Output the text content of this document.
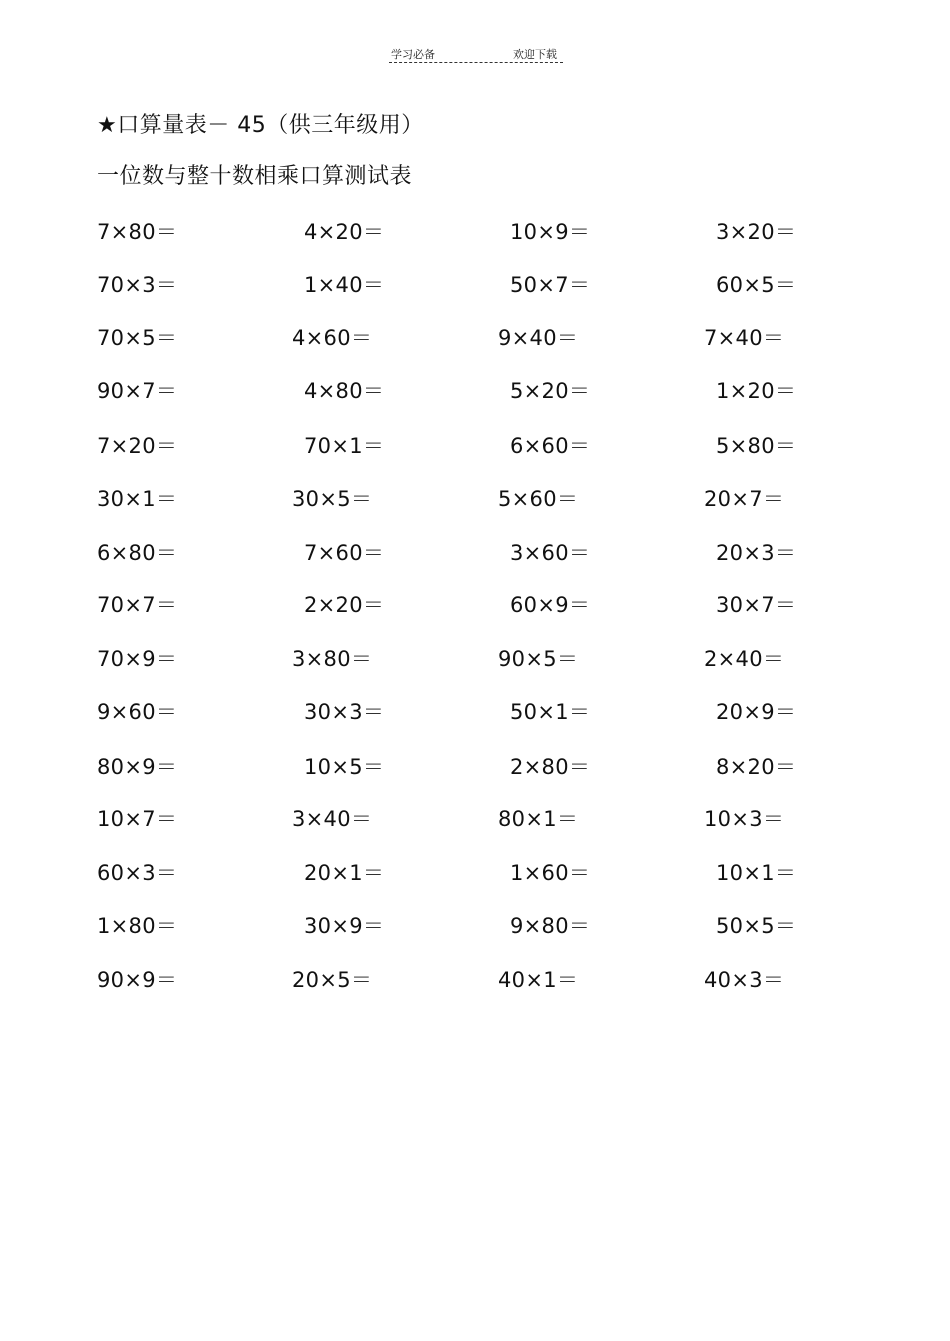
学习必备	欢迎下载
★口算量表－ 45（供三年级用）
一位数与整十数相乘口算测试表
7×80＝	4×20＝	10×9＝	3×20＝
70×3＝	1×40＝	50×7＝	60×5＝
70×5＝	4×60＝	9×40＝	7×40＝
90×7＝	4×80＝	5×20＝	1×20＝
7×20＝	70×1＝	6×60＝	5×80＝
30×1＝	30×5＝	5×60＝	20×7＝
6×80＝	7×60＝	3×60＝	20×3＝
70×7＝	2×20＝	60×9＝	30×7＝
70×9＝	3×80＝	90×5＝	2×40＝
9×60＝	30×3＝	50×1＝	20×9＝
80×9＝	10×5＝	2×80＝	8×20＝
10×7＝	3×40＝	80×1＝	10×3＝
60×3＝	20×1＝	1×60＝	10×1＝
1×80＝	30×9＝	9×80＝	50×5＝
90×9＝	20×5＝	40×1＝	40×3＝
